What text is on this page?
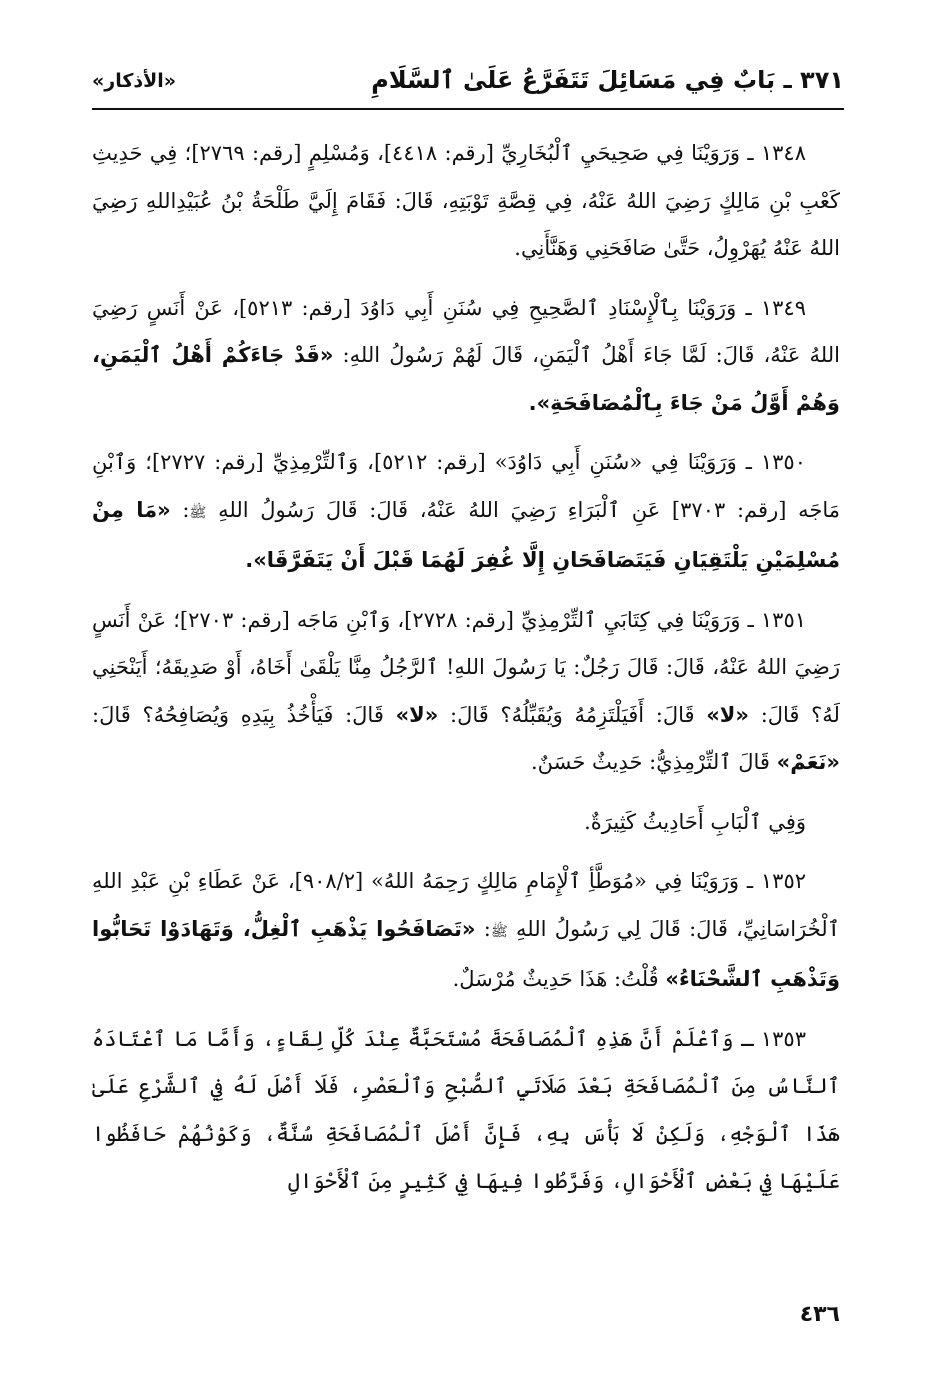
٣٧١ ـ بَابٌ فِي مَسَائِلَ تَتَفَرَّعُ عَلَىٰ ٱلسَّلَامِ
«الأذكار»

١٣٤٨ ـ وَرَوَيْنَا فِي صَحِيحَيِ ٱلْبُخَارِيِّ [رقم: ٤٤١٨]، وَمُسْلِمٍ [رقم: ٢٧٦٩]؛ فِي حَدِيثِ كَعْبِ بْنِ مَالِكٍ رَضِيَ اللهُ عَنْهُ، فِي قِصَّةِ تَوْبَتِهِ، قَالَ: فَقَامَ إِلَيَّ طَلْحَةُ بْنُ عُبَيْدِاللهِ رَضِيَ اللهُ عَنْهُ يُهَرْوِلُ، حَتَّىٰ صَافَحَنِي وَهَنَّأَنِي.

١٣٤٩ ـ وَرَوَيْنَا بِٱلْإِسْنَادِ ٱلصَّحِيحِ فِي سُنَنِ أَبِي دَاوُدَ [رقم: ٥٢١٣]، عَنْ أَنَسٍ رَضِيَ اللهُ عَنْهُ، قَالَ: لَمَّا جَاءَ أَهْلُ ٱلْيَمَنِ، قَالَ لَهُمْ رَسُولُ اللهِ: «قَدْ جَاءَكُمْ أَهْلُ ٱلْيَمَنِ، وَهُمْ أَوَّلُ مَنْ جَاءَ بِٱلْمُصَافَحَةِ».

١٣٥٠ ـ وَرَوَيْنَا فِي «سُنَنِ أَبِي دَاوُدَ» [رقم: ٥٢١٢]، وَٱلتِّرْمِذِيِّ [رقم: ٢٧٢٧]؛ وَٱبْنِ مَاجَه [رقم: ٣٧٠٣] عَنِ ٱلْبَرَاءِ رَضِيَ اللهُ عَنْهُ، قَالَ: قَالَ رَسُولُ اللهِ ﷺ: «مَا مِنْ مُسْلِمَيْنِ يَلْتَقِيَانِ فَيَتَصَافَحَانِ إِلَّا غُفِرَ لَهُمَا قَبْلَ أَنْ يَتَفَرَّقَا».

١٣٥١ ـ وَرَوَيْنَا فِي كِتَابَيِ ٱلتِّرْمِذِيِّ [رقم: ٢٧٢٨]، وَٱبْنِ مَاجَه [رقم: ٢٧٠٣]؛ عَنْ أَنَسٍ رَضِيَ اللهُ عَنْهُ، قَالَ: قَالَ رَجُلٌ: يَا رَسُولَ اللهِ! ٱلرَّجُلُ مِنَّا يَلْقَىٰ أَخَاهُ، أَوْ صَدِيقَهُ؛ أَيَنْحَنِي لَهُ؟ قَالَ: «لا» قَالَ: أَفَيَلْتَزِمُهُ وَيُقَبِّلُهُ؟ قَالَ: «لا» قَالَ: فَيَأْخُذُ بِيَدِهِ وَيُصَافِحُهُ؟ قَالَ: «نَعَمْ» قَالَ ٱلتِّرْمِذِيُّ: حَدِيثٌ حَسَنٌ.

وَفِي ٱلْبَابِ أَحَادِيثُ كَثِيرَةٌ.

١٣٥٢ ـ وَرَوَيْنَا فِي «مُوَطَّأِ ٱلْإِمَامِ مَالِكٍ رَحِمَهُ اللهُ» [٩٠٨/٢]، عَنْ عَطَاءِ بْنِ عَبْدِ اللهِ ٱلْخُرَاسَانِيِّ، قَالَ: قَالَ لِي رَسُولُ اللهِ ﷺ: «تَصَافَحُوا يَذْهَبِ ٱلْغِلُّ، وَتَهَادَوْا تَحَابُّوا وَتَذْهَبِ ٱلشَّحْنَاءُ» قُلْتُ: هَذَا حَدِيثٌ مُرْسَلٌ.

١٣٥٣ ـ وَٱعْلَمْ أَنَّ هَذِهِ ٱلْمُصَافَحَةَ مُسْتَحَبَّةٌ عِنْدَ كُلِّ لِقَاءٍ، وَأَمَّا مَا ٱعْتَادَهُ ٱلنَّاسُ مِنَ ٱلْمُصَافَحَةِ بَعْدَ صَلَاتَيِ ٱلصُّبْحِ وَٱلْعَصْرِ، فَلَا أَصْلَ لَهُ فِي ٱلشَّرْعِ عَلَىٰ هَذَا ٱلْوَجْهِ، وَلَكِنْ لَا بَأْسَ بِهِ، فَإِنَّ أَصْلَ ٱلْمُصَافَحَةِ سُنَّةٌ، وَكَوْنُهُمْ حَافَظُوا عَلَيْهَا فِي بَعْضِ ٱلْأَحْوَالِ، وَفَرَّطُوا فِيهَا فِي كَثِيرٍ مِنَ ٱلْأَحْوَالِ

٤٣٦
